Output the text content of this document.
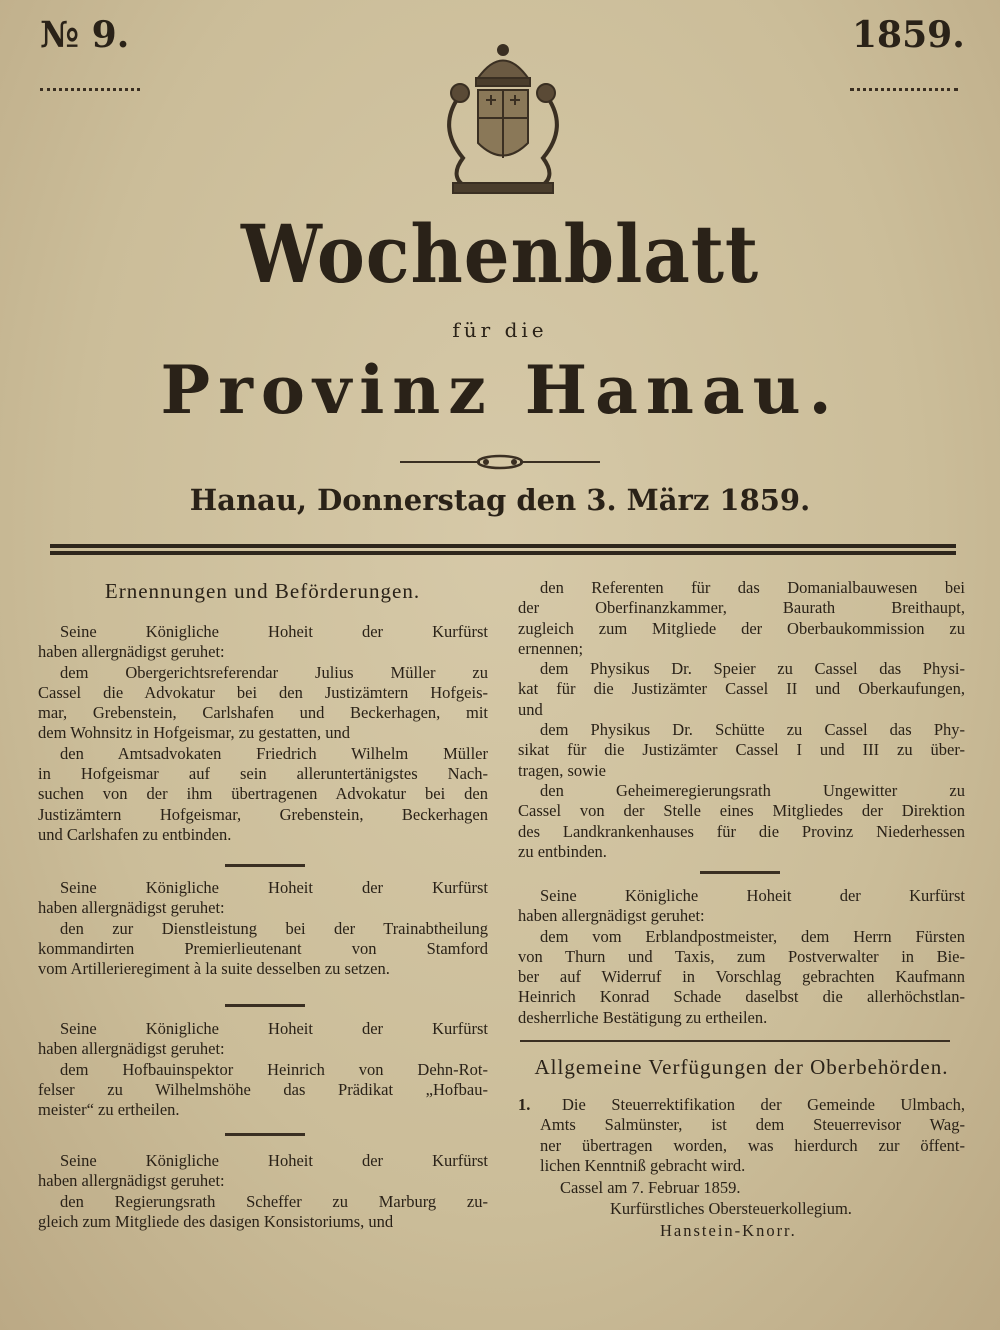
№ 9.	1859.
Wochenblatt
für die
Provinz Hanau.
Hanau, Donnerstag den 3. März 1859.
Ernennungen und Beförderungen.
Seine Königliche Hoheit der Kurfürst
haben allergnädigst geruhet:
dem Obergerichtsreferendar Julius Müller zu
Cassel die Advokatur bei den Justizämtern Hofgeis-
mar, Grebenstein, Carlshafen und Beckerhagen, mit
dem Wohnsitz in Hofgeismar, zu gestatten, und
den Amtsadvokaten Friedrich Wilhelm Müller
in Hofgeismar auf sein alleruntertänigstes Nach-
suchen von der ihm übertragenen Advokatur bei den
Justizämtern Hofgeismar, Grebenstein, Beckerhagen
und Carlshafen zu entbinden.
Seine Königliche Hoheit der Kurfürst
haben allergnädigst geruhet:
den zur Dienstleistung bei der Trainabtheilung
kommandirten Premierlieutenant von Stamford
vom Artillerieregiment à la suite desselben zu setzen.
Seine Königliche Hoheit der Kurfürst
haben allergnädigst geruhet:
dem Hofbauinspektor Heinrich von Dehn-Rot-
felser zu Wilhelmshöhe das Prädikat „Hofbau-
meister“ zu ertheilen.
Seine Königliche Hoheit der Kurfürst
haben allergnädigst geruhet:
den Regierungsrath Scheffer zu Marburg zu-
gleich zum Mitgliede des dasigen Konsistoriums, und
den Referenten für das Domanialbauwesen bei
der Oberfinanzkammer, Baurath Breithaupt,
zugleich zum Mitgliede der Oberbaukommission zu
ernennen;
dem Physikus Dr. Speier zu Cassel das Physi-
kat für die Justizämter Cassel II und Oberkaufungen,
und
dem Physikus Dr. Schütte zu Cassel das Phy-
sikat für die Justizämter Cassel I und III zu über-
tragen, sowie
den Geheimeregierungsrath Ungewitter zu
Cassel von der Stelle eines Mitgliedes der Direktion
des Landkrankenhauses für die Provinz Niederhessen
zu entbinden.
Seine Königliche Hoheit der Kurfürst
haben allergnädigst geruhet:
dem vom Erblandpostmeister, dem Herrn Fürsten
von Thurn und Taxis, zum Postverwalter in Bie-
ber auf Widerruf in Vorschlag gebrachten Kaufmann
Heinrich Konrad Schade daselbst die allerhöchstlan-
desherrliche Bestätigung zu ertheilen.
Allgemeine Verfügungen der Oberbehörden.
1.	Die Steuerrektifikation der Gemeinde Ulmbach,
Amts Salmünster, ist dem Steuerrevisor Wag-
ner übertragen worden, was hierdurch zur öffent-
lichen Kenntniß gebracht wird.
Cassel am 7. Februar 1859.
Kurfürstliches Obersteuerkollegium.
Hanstein-Knorr.
